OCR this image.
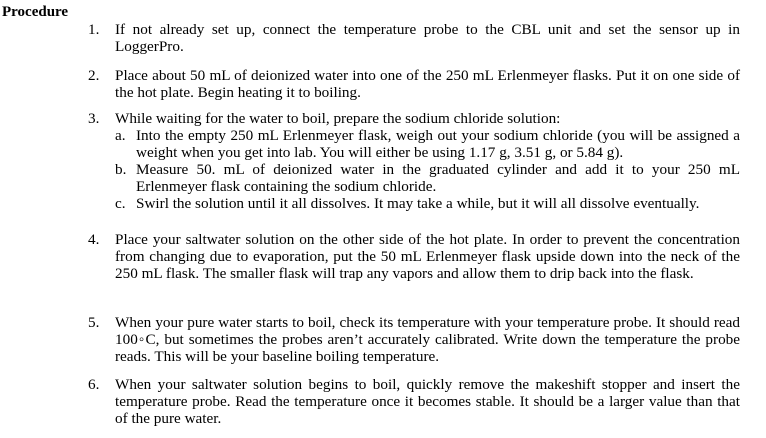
Procedure
1.	If not already set up, connect the temperature probe to the CBL unit and set the sensor up in LoggerPro.
2.	Place about 50 mL of deionized water into one of the 250 mL Erlenmeyer flasks. Put it on one side of the hot plate. Begin heating it to boiling.
3.	While waiting for the water to boil, prepare the sodium chloride solution:
a. Into the empty 250 mL Erlenmeyer flask, weigh out your sodium chloride (you will be assigned a weight when you get into lab. You will either be using 1.17 g, 3.51 g, or 5.84 g).
b. Measure 50. mL of deionized water in the graduated cylinder and add it to your 250 mL Erlenmeyer flask containing the sodium chloride.
c. Swirl the solution until it all dissolves. It may take a while, but it will all dissolve eventually.
4.	Place your saltwater solution on the other side of the hot plate. In order to prevent the concentration from changing due to evaporation, put the 50 mL Erlenmeyer flask upside down into the neck of the 250 mL flask. The smaller flask will trap any vapors and allow them to drip back into the flask.
5.	When your pure water starts to boil, check its temperature with your temperature probe. It should read 100◦C, but sometimes the probes aren’t accurately calibrated. Write down the temperature the probe reads. This will be your baseline boiling temperature.
6.	When your saltwater solution begins to boil, quickly remove the makeshift stopper and insert the temperature probe. Read the temperature once it becomes stable. It should be a larger value than that of the pure water.
